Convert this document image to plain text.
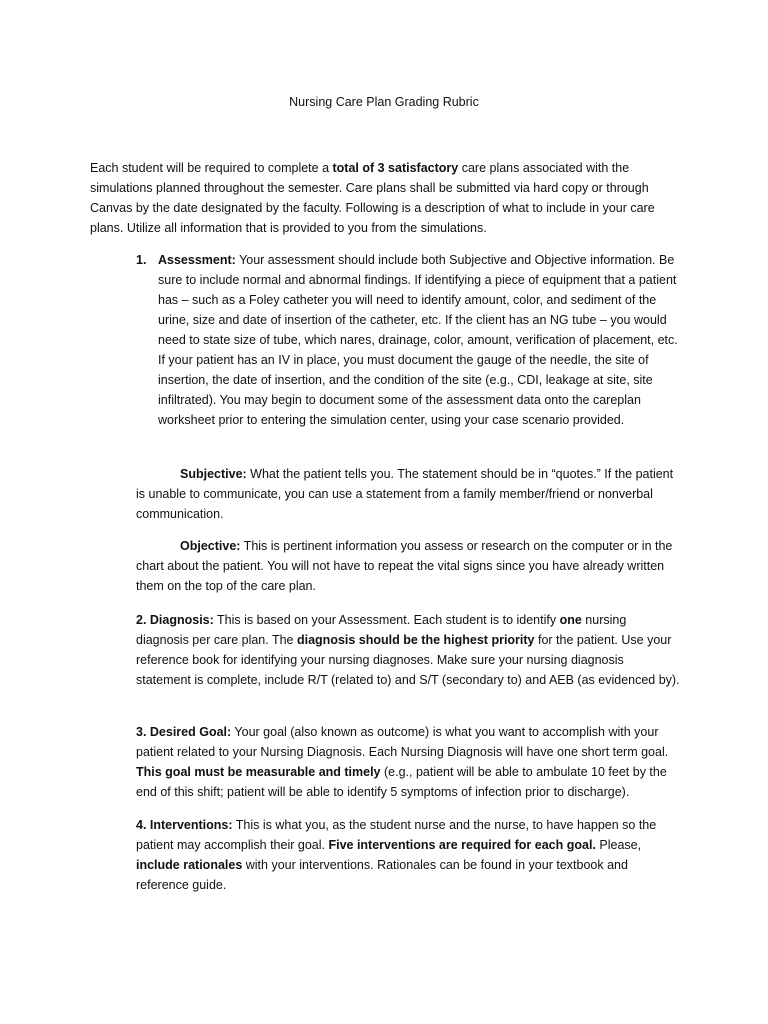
Nursing Care Plan Grading Rubric

Each student will be required to complete a total of 3 satisfactory care plans associated with the simulations planned throughout the semester. Care plans shall be submitted via hard copy or through Canvas by the date designated by the faculty. Following is a description of what to include in your care plans. Utilize all information that is provided to you from the simulations.

1. Assessment: Your assessment should include both Subjective and Objective information. Be sure to include normal and abnormal findings. If identifying a piece of equipment that a patient has – such as a Foley catheter you will need to identify amount, color, and sediment of the urine, size and date of insertion of the catheter, etc. If the client has an NG tube – you would need to state size of tube, which nares, drainage, color, amount, verification of placement, etc. If your patient has an IV in place, you must document the gauge of the needle, the site of insertion, the date of insertion, and the condition of the site (e.g., CDI, leakage at site, site infiltrated). You may begin to document some of the assessment data onto the careplan worksheet prior to entering the simulation center, using your case scenario provided.

Subjective: What the patient tells you. The statement should be in “quotes.” If the patient is unable to communicate, you can use a statement from a family member/friend or nonverbal communication.

Objective: This is pertinent information you assess or research on the computer or in the chart about the patient. You will not have to repeat the vital signs since you have already written them on the top of the care plan.

2. Diagnosis: This is based on your Assessment. Each student is to identify one nursing diagnosis per care plan. The diagnosis should be the highest priority for the patient. Use your reference book for identifying your nursing diagnoses. Make sure your nursing diagnosis statement is complete, include R/T (related to) and S/T (secondary to) and AEB (as evidenced by).

3. Desired Goal: Your goal (also known as outcome) is what you want to accomplish with your patient related to your Nursing Diagnosis. Each Nursing Diagnosis will have one short term goal. This goal must be measurable and timely (e.g., patient will be able to ambulate 10 feet by the end of this shift; patient will be able to identify 5 symptoms of infection prior to discharge).

4. Interventions: This is what you, as the student nurse and the nurse, to have happen so the patient may accomplish their goal. Five interventions are required for each goal. Please, include rationales with your interventions. Rationales can be found in your textbook and reference guide.
